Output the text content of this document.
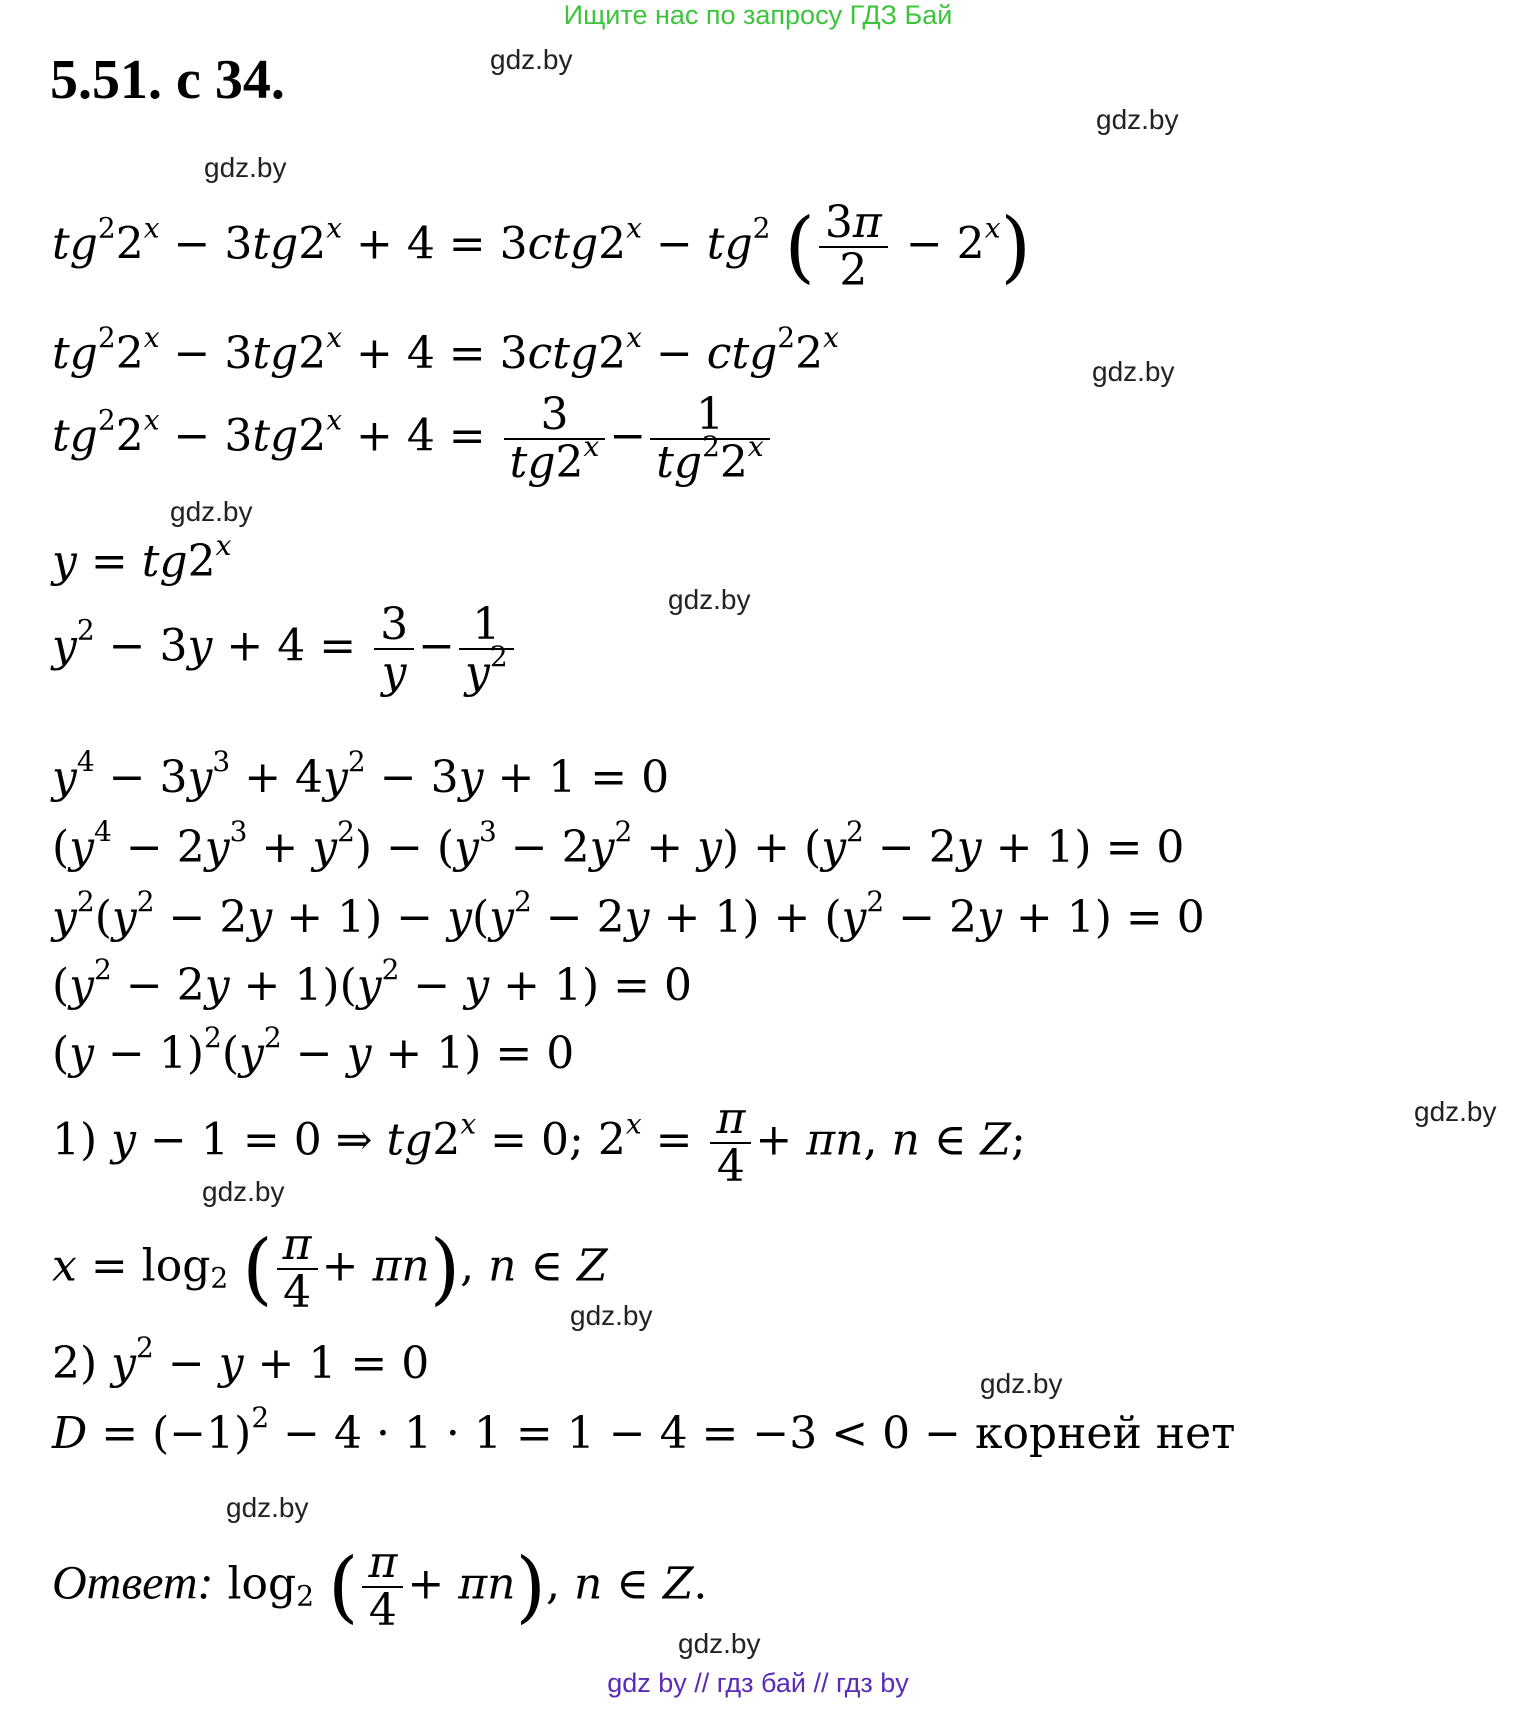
Ищите нас по запросу ГДЗ Бай
5.51. с 34.	gdz.by
gdz.by
gdz.by
gdz.by
gdz.by
gdz.by
gdz.by
gdz.by
gdz.by
gdz.by
gdz.by
gdz.by
$tg^22^x - 3tg2^x + 4 = 3ctg2^x - tg^2$ ( $\frac{3\pi}{2} - 2^x$)
$tg^22^x - 3tg2^x + 4 = 3ctg2^x - ctg^22^x$
$tg^22^x - 3tg2^x + 4 = \frac{3}{tg2^x} - \frac{1}{tg^22^x}$
$y = tg2^x$
$y^2 - 3y + 4 = \frac{3}{y} - \frac{1}{y^2}$
$y^4 - 3y^3 + 4y^2 - 3y + 1 = 0$
$(y^4 - 2y^3 + y^2) - (y^3 - 2y^2 + y) + (y^2 - 2y + 1) = 0$
$y^2(y^2 - 2y + 1) - y(y^2 - 2y + 1) + (y^2 - 2y + 1) = 0$
$(y^2 - 2y + 1)(y^2 - y + 1) = 0$
$(y - 1)^2(y^2 - y + 1) = 0$
1) y − 1 = 0 ⇒ $tg2^x = 0$; $2^x = \frac{\pi}{4} + \pi n$, n ∈ Z;
$x = \log_2$ ( $\frac{\pi}{4} + \pi n$), n ∈ Z
2) $y^2 - y + 1 = 0$
$D = (-1)^2 - 4 \cdot 1 \cdot 1 = 1 - 4 = -3 < 0$ − корней нет
Ответ: $\log_2$ ( $\frac{\pi}{4} + \pi n$), n ∈ Z.
gdz by // гдз бай // гдз by
